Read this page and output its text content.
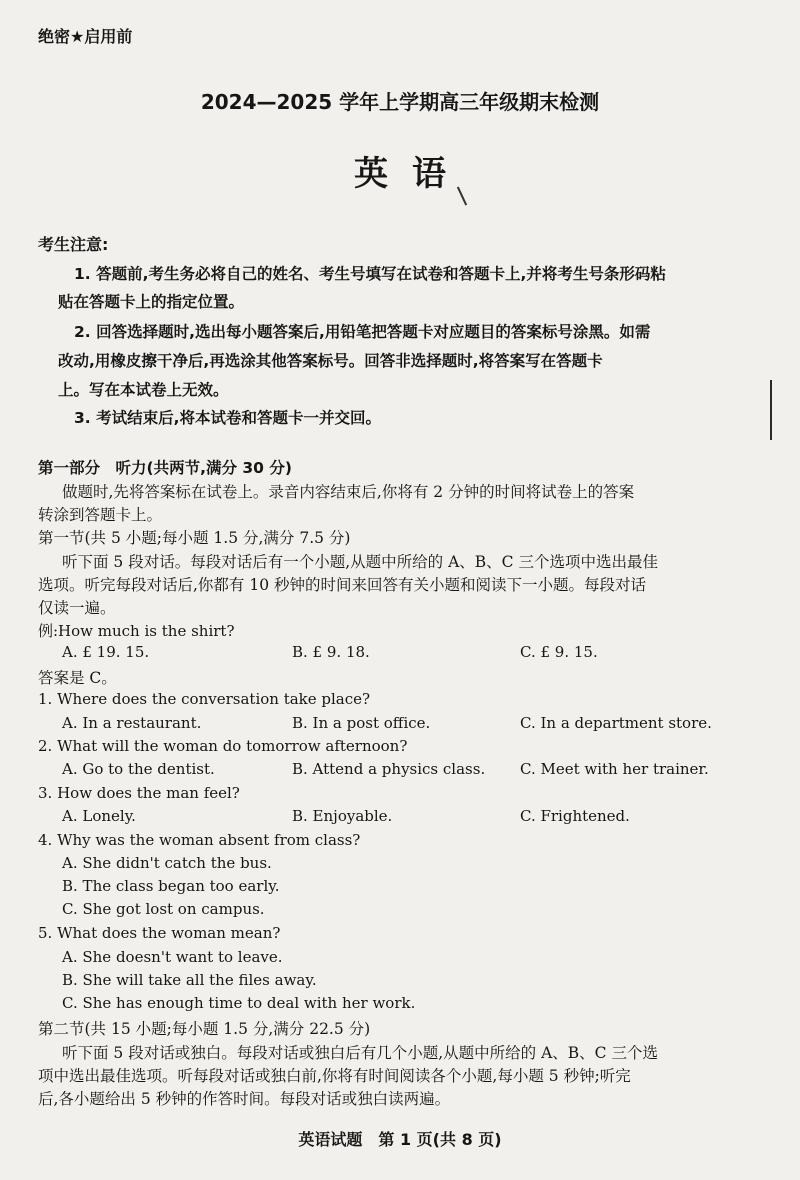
绝密★启用前
2024—2025 学年上学期高三年级期末检测
英语
考生注意:
1. 答题前,考生务必将自己的姓名、考生号填写在试卷和答题卡上,并将考生号条形码粘
贴在答题卡上的指定位置。
2. 回答选择题时,选出每小题答案后,用铅笔把答题卡对应题目的答案标号涂黑。如需
改动,用橡皮擦干净后,再选涂其他答案标号。回答非选择题时,将答案写在答题卡
上。写在本试卷上无效。
3. 考试结束后,将本试卷和答题卡一并交回。
第一部分　听力(共两节,满分 30 分)
做题时,先将答案标在试卷上。录音内容结束后,你将有 2 分钟的时间将试卷上的答案
转涂到答题卡上。
第一节(共 5 小题;每小题 1.5 分,满分 7.5 分)
听下面 5 段对话。每段对话后有一个小题,从题中所给的 A、B、C 三个选项中选出最佳
选项。听完每段对话后,你都有 10 秒钟的时间来回答有关小题和阅读下一小题。每段对话
仅读一遍。
例:How much is the shirt?
A. £ 19. 15.	B. £ 9. 18.	C. £ 9. 15.
答案是 C。
1. Where does the conversation take place?
A. In a restaurant.	B. In a post office.	C. In a department store.
2. What will the woman do tomorrow afternoon?
A. Go to the dentist.	B. Attend a physics class. C. Meet with her trainer.
3. How does the man feel?
A. Lonely.	B. Enjoyable.	C. Frightened.
4. Why was the woman absent from class?
A. She didn't catch the bus.
B. The class began too early.
C. She got lost on campus.
5. What does the woman mean?
A. She doesn't want to leave.
B. She will take all the files away.
C. She has enough time to deal with her work.
第二节(共 15 小题;每小题 1.5 分,满分 22.5 分)
听下面 5 段对话或独白。每段对话或独白后有几个小题,从题中所给的 A、B、C 三个选
项中选出最佳选项。听每段对话或独白前,你将有时间阅读各个小题,每小题 5 秒钟;听完
后,各小题给出 5 秒钟的作答时间。每段对话或独白读两遍。
英语试题　第 1 页(共 8 页)
